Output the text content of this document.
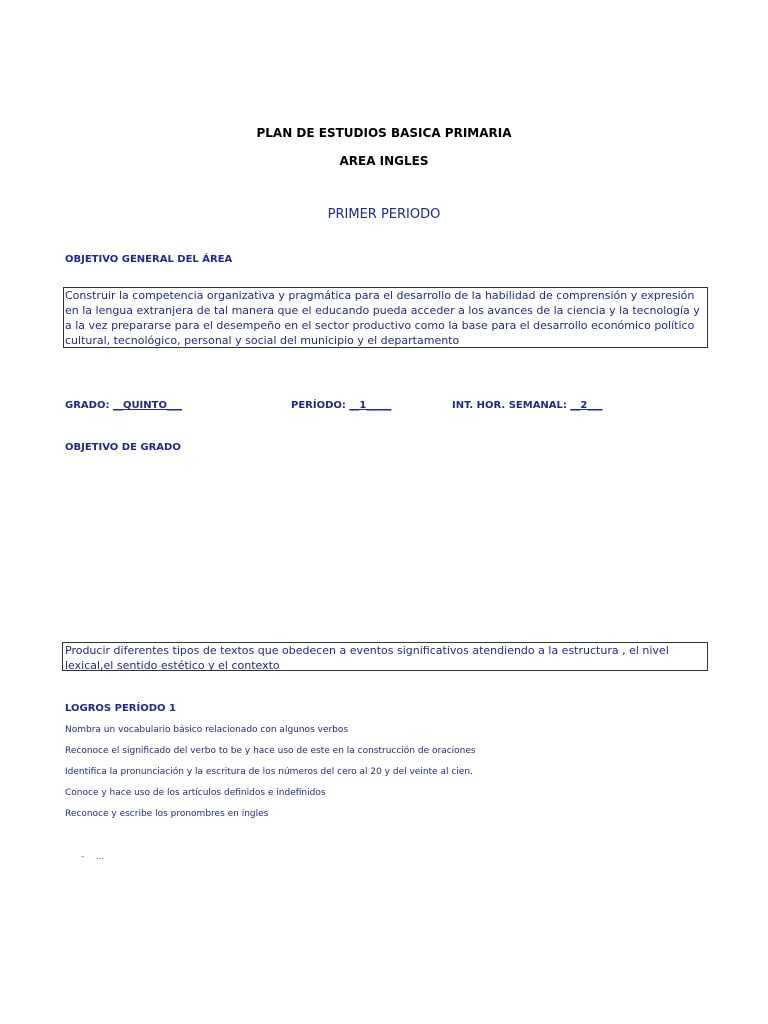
PLAN DE ESTUDIOS BASICA PRIMARIA

AREA INGLES

PRIMER PERIODO

OBJETIVO GENERAL DEL ÁREA

Construir la competencia organizativa y pragmática para el desarrollo de la habilidad de comprensión y expresión en la lengua extranjera de tal manera que el educando pueda acceder a los avances de la ciencia y la tecnología y a la vez prepararse para el desempeño en el sector productivo como la base para el desarrollo económico político cultural, tecnológico, personal y social del municipio y el departamento

GRADO: __QUINTO___	PERÍODO: __1_____	INT. HOR. SEMANAL: __2___

OBJETIVO DE GRADO

Producir diferentes tipos de textos que obedecen a eventos significativos atendiendo a la estructura , el nivel lexical,el sentido estético y el contexto

LOGROS PERÍODO 1

Nombra un vocabulario básico relacionado con algunos verbos

Reconoce el significado del verbo to be y hace uso de este en la construcción de oraciones

Identifica la pronunciación y la escritura de los números del cero al 20 y del veinte al cien.

Conoce y hace uso de los artículos definidos e indefinidos

Reconoce y escribe los pronombres en ingles

-    ...
